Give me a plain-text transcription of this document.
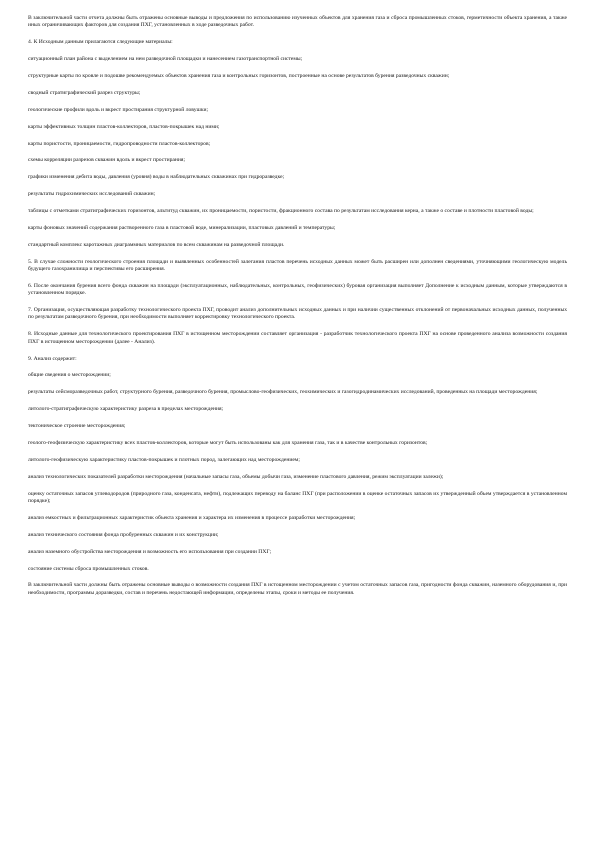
В заключительной части отчета должны быть отражены основные выводы и предложения по использованию изученных объектов для хранения газа и сброса промышленных стоков, герметичности объекта хранения, а также иных ограничивающих факторов для создания ПХГ, установленных в ходе разведочных работ.

4. К Исходным данным прилагаются следующие материалы:

ситуационный план района с выделением на нем разведочной площадки и нанесением газотранспортной системы;

структурные карты по кровле и подошве рекомендуемых объектов хранения газа и контрольных горизонтов, построенные на основе результатов бурения разведочных скважин;

сводный стратиграфический разрез структуры;

геологические профили вдоль и вкрест простирания структурной ловушки;

карты эффективных толщин пластов-коллекторов, пластов-покрышек над ними;

карты пористости, проницаемости, гидропроводности пластов-коллекторов;

схемы корреляции разрезов скважин вдоль и вкрест простирания;

графики изменения дебита воды, давления (уровня) воды в наблюдательных скважинах при гидроразведке;

результаты гидрохимических исследований скважин;

таблицы с отметками стратиграфических горизонтов, альтитуд скважин, их проницаемости, пористости, фракционного состава по результатам исследования керна, а также о составе и плотности пластовой воды;

карты фоновых значений содержания растворенного газа в пластовой воде, минерализации, пластовых давлений и температуры;

стандартный комплекс каротажных диаграммных материалов по всем скважинам на разведочной площади.

5. В случае сложности геологического строения площади и выявленных особенностей залегания пластов перечень исходных данных может быть расширен или дополнен сведениями, уточняющими геологическую модель будущего газохранилища и перспективы его расширения.

6. После окончания бурения всего фонда скважин на площади (эксплуатационных, наблюдательных, контрольных, геофизических) буровая организация выполняет Дополнение к исходным данным, которые утверждаются в установленном порядке.

7. Организация, осуществляющая разработку технологического проекта ПХГ, проводит анализ дополнительных исходных данных и при наличии существенных отклонений от первоначальных исходных данных, полученных по результатам разведочного бурения, при необходимости выполняет корректировку технологического проекта.

8. Исходные данные для технологического проектирования ПХГ в истощенном месторождении составляет организация - разработчик технологического проекта ПХГ на основе проведенного анализа возможности создания ПХГ в истощенном месторождении (далее - Анализ).

9. Анализ содержит:

общие сведения о месторождении;

результаты сейсморазведочных работ, структурного бурения, разведочного бурения, промыслово-геофизических, геохимических и газогидродинамических исследований, проведенных на площади месторождения;

литолого-стратиграфическую характеристику разреза в пределах месторождения;

тектоническое строение месторождения;

геолого-геофизическую характеристику всех пластов-коллекторов, которые могут быть использованы как для хранения газа, так и в качестве контрольных горизонтов;

литолого-геофизическую характеристику пластов-покрышек и плотных пород, залегающих над месторождением;

анализ технологических показателей разработки месторождения (начальные запасы газа, объемы добычи газа, изменение пластового давления, режим эксплуатации залежи);

оценку остаточных запасов углеводородов (природного газа, конденсата, нефти), подлежащих переводу на баланс ПХГ (при расположении в оценке остаточных запасов их утвержденный объем утверждается в установленном порядке);

анализ емкостных и фильтрационных характеристик объекта хранения и характера их изменения в процессе разработки месторождения;

анализ технического состояния фонда пробуренных скважин и их конструкции;

анализ наземного обустройства месторождения и возможность его использования при создании ПХГ;

состояние системы сброса промышленных стоков.

В заключительной части должны быть отражены основные выводы о возможности создания ПХГ в истощенном месторождении с учетом остаточных запасов газа, пригодности фонда скважин, наземного оборудования и, при необходимости, программы доразведки, состав и перечень недостающей информации, определены этапы, сроки и методы ее получения.
